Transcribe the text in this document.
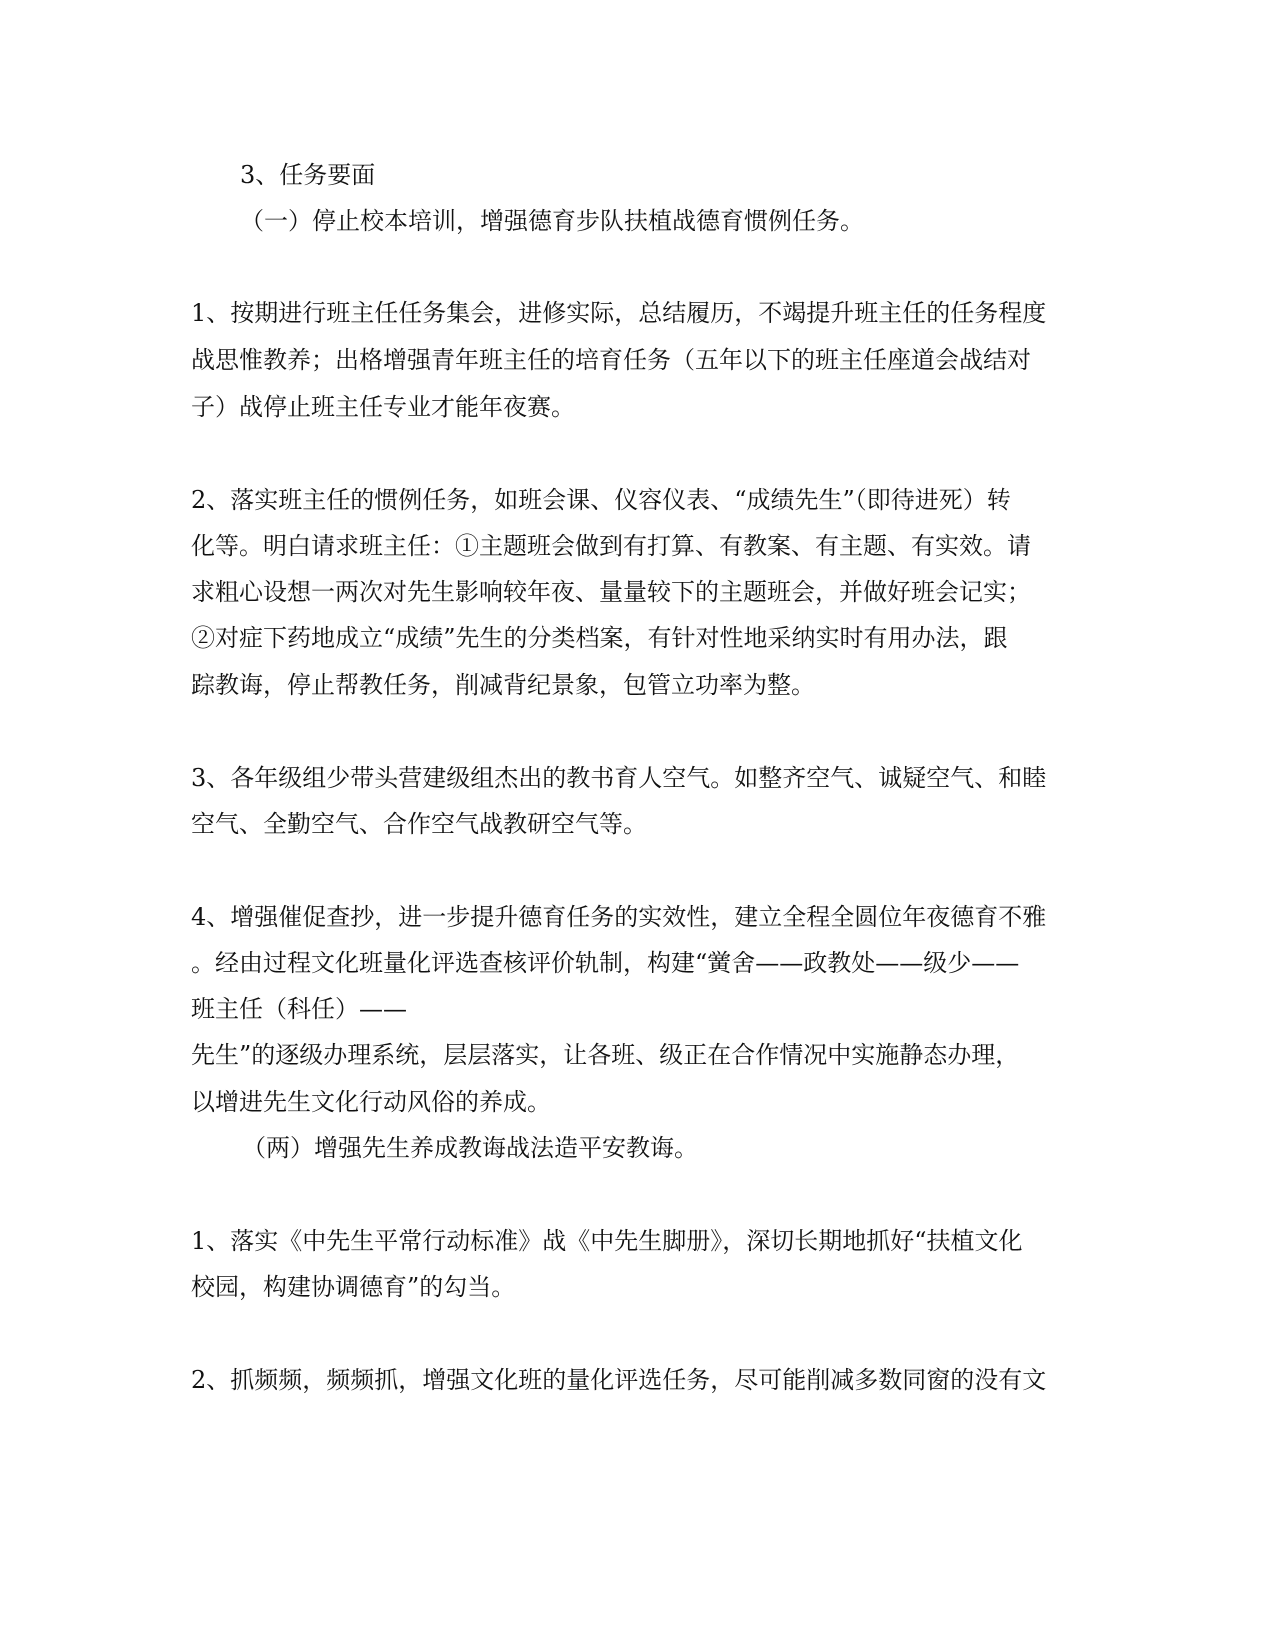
3、任务要面
（一）停止校本培训，增强德育步队扶植战德育惯例任务。
1、按期进行班主任任务集会，进修实际，总结履历，不竭提升班主任的任务程度
战思惟教养；出格增强青年班主任的培育任务（五年以下的班主任座道会战结对
子）战停止班主任专业才能年夜赛。
2、落实班主任的惯例任务，如班会课、仪容仪表、“成绩先生”（即待进死）转
化等。明白请求班主任：①主题班会做到有打算、有教案、有主题、有实效。请
求粗心设想一两次对先生影响较年夜、量量较下的主题班会，并做好班会记实；
②对症下药地成立“成绩”先生的分类档案，有针对性地采纳实时有用办法，跟
踪教诲，停止帮教任务，削减背纪景象，包管立功率为整。
3、各年级组少带头营建级组杰出的教书育人空气。如整齐空气、诚疑空气、和睦
空气、全勤空气、合作空气战教研空气等。
4、增强催促查抄，进一步提升德育任务的实效性，建立全程全圆位年夜德育不雅
。经由过程文化班量化评选查核评价轨制，构建“黉舍——政教处——级少——
班主任（科任）——
先生”的逐级办理系统，层层落实，让各班、级正在合作情况中实施静态办理，
以增进先生文化行动风俗的养成。
（两）增强先生养成教诲战法造平安教诲。
1、落实《中先生平常行动标准》战《中先生脚册》，深切长期地抓好“扶植文化
校园，构建协调德育”的勾当。
2、抓频频，频频抓，增强文化班的量化评选任务，尽可能削减多数同窗的没有文
